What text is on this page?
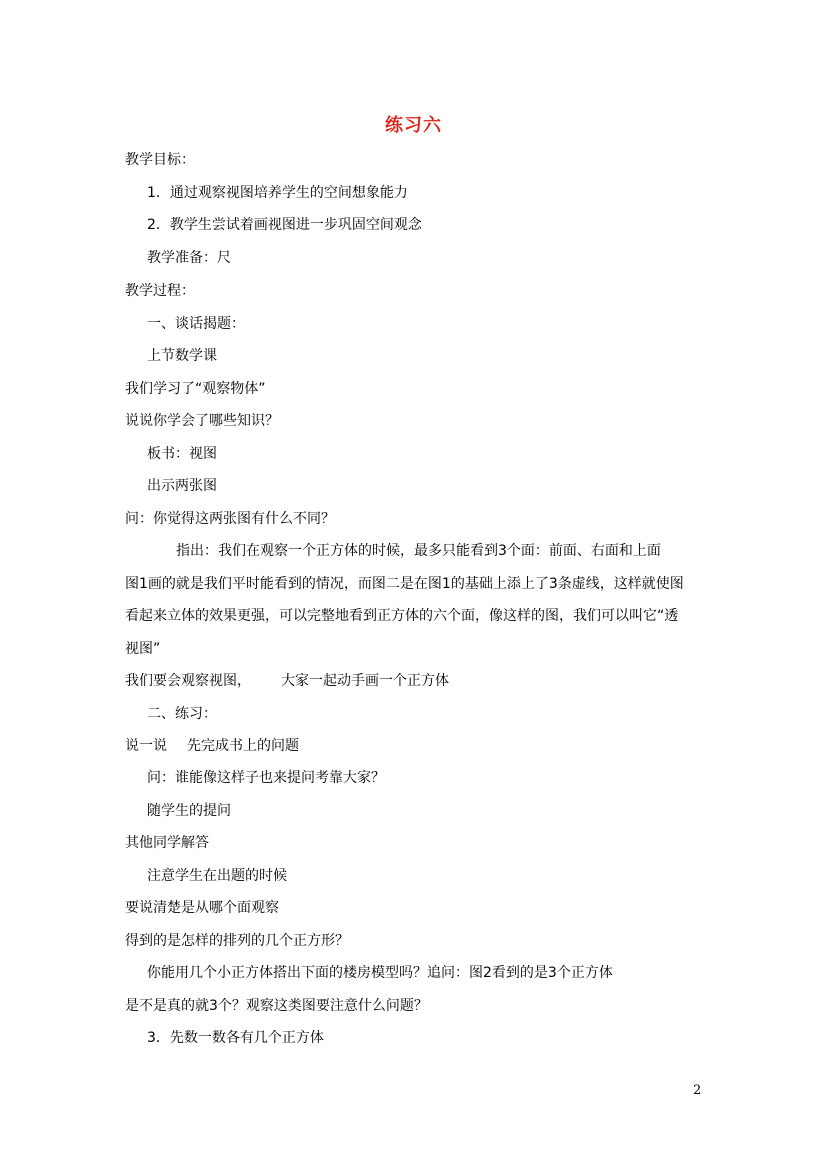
练习六
教学目标：
1．通过观察视图培养学生的空间想象能力
2．教学生尝试着画视图进一步巩固空间观念
教学准备：尺
教学过程：
一、谈话揭题：
上节数学课
我们学习了“观察物体”
说说你学会了哪些知识？
板书：视图
出示两张图
问：你觉得这两张图有什么不同？
指出：我们在观察一个正方体的时候，最多只能看到3个面：前面、右面和上面
图1画的就是我们平时能看到的情况，而图二是在图1的基础上添上了3条虚线，这样就使图
看起来立体的效果更强，可以完整地看到正方体的六个面，像这样的图，我们可以叫它“透
视图”
我们要会观察视图， 大家一起动手画一个正方体
二、练习：
说一说 先完成书上的问题
问：谁能像这样子也来提问考靠大家？
随学生的提问
其他同学解答
注意学生在出题的时候
要说清楚是从哪个面观察
得到的是怎样的排列的几个正方形？
你能用几个小正方体搭出下面的楼房模型吗？追问：图2看到的是3个正方体
是不是真的就3个？观察这类图要注意什么问题？
3．先数一数各有几个正方体
2
